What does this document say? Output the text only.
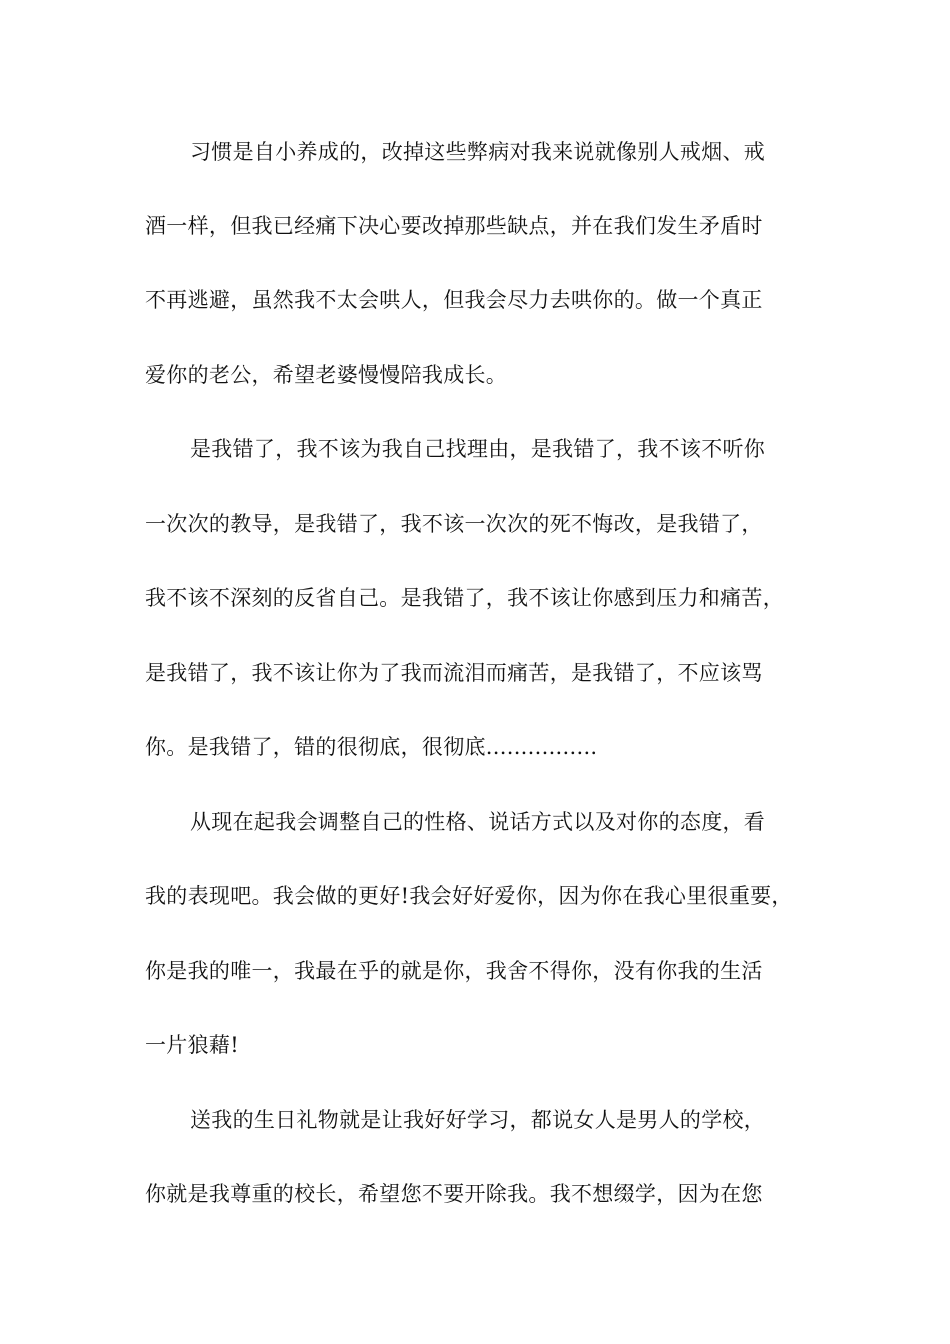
习惯是自小养成的，改掉这些弊病对我来说就像别人戒烟、戒

酒一样，但我已经痛下决心要改掉那些缺点，并在我们发生矛盾时

不再逃避，虽然我不太会哄人，但我会尽力去哄你的。做一个真正

爱你的老公，希望老婆慢慢陪我成长。

是我错了，我不该为我自己找理由，是我错了，我不该不听你

一次次的教导，是我错了，我不该一次次的死不悔改，是我错了，

我不该不深刻的反省自己。是我错了，我不该让你感到压力和痛苦，

是我错了，我不该让你为了我而流泪而痛苦，是我错了，不应该骂

你。是我错了，错的很彻底，很彻底................

从现在起我会调整自己的性格、说话方式以及对你的态度，看

我的表现吧。我会做的更好!我会好好爱你，因为你在我心里很重要，

你是我的唯一，我最在乎的就是你，我舍不得你，没有你我的生活

一片狼藉!

送我的生日礼物就是让我好好学习，都说女人是男人的学校，

你就是我尊重的校长，希望您不要开除我。我不想缀学，因为在您
